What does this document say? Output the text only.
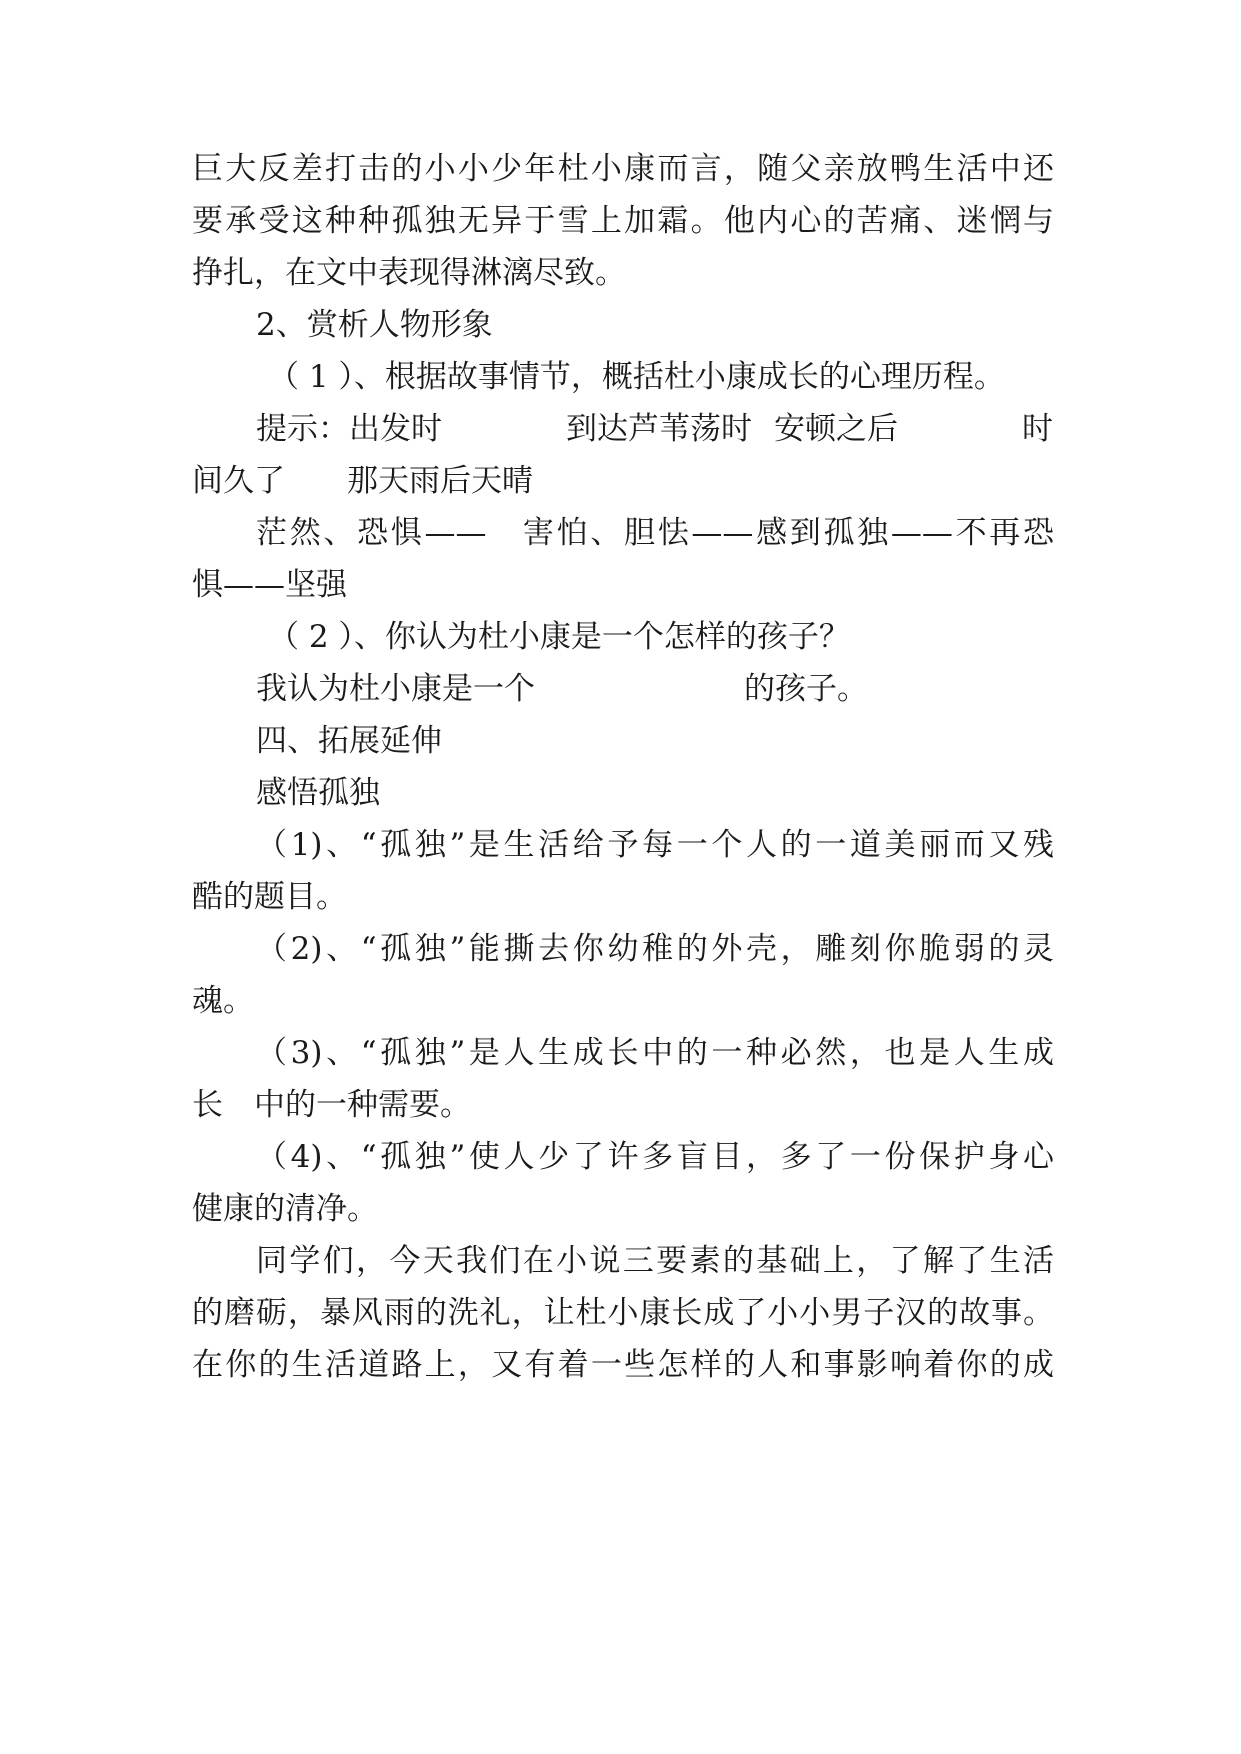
巨大反差打击的小小少年杜小康而言，随父亲放鸭生活中还
要承受这种种孤独无异于雪上加霜。他内心的苦痛、迷惘与
挣扎，在文中表现得淋漓尽致。
2、赏析人物形象
（ 1 ）、根据故事情节，概括杜小康成长的心理历程。
提示：出发时	到达芦苇荡时 安顿之后	时
间久了　　那天雨后天晴
茫然、恐惧——　害怕、胆怯——感到孤独——不再恐
惧——坚强
（ 2 ）、你认为杜小康是一个怎样的孩子？
我认为杜小康是一个	的孩子。
四、拓展延伸
感悟孤独
（1)、“孤独”是生活给予每一个人的一道美丽而又残
酷的题目。
（2)、“孤独”能撕去你幼稚的外壳，雕刻你脆弱的灵
魂。
（3)、“孤独”是人生成长中的一种必然，也是人生成
长　中的一种需要。
（4)、“孤独”使人少了许多盲目，多了一份保护身心
健康的清净。
同学们，今天我们在小说三要素的基础上，了解了生活
的磨砺，暴风雨的洗礼，让杜小康长成了小小男子汉的故事。
在你的生活道路上，又有着一些怎样的人和事影响着你的成
